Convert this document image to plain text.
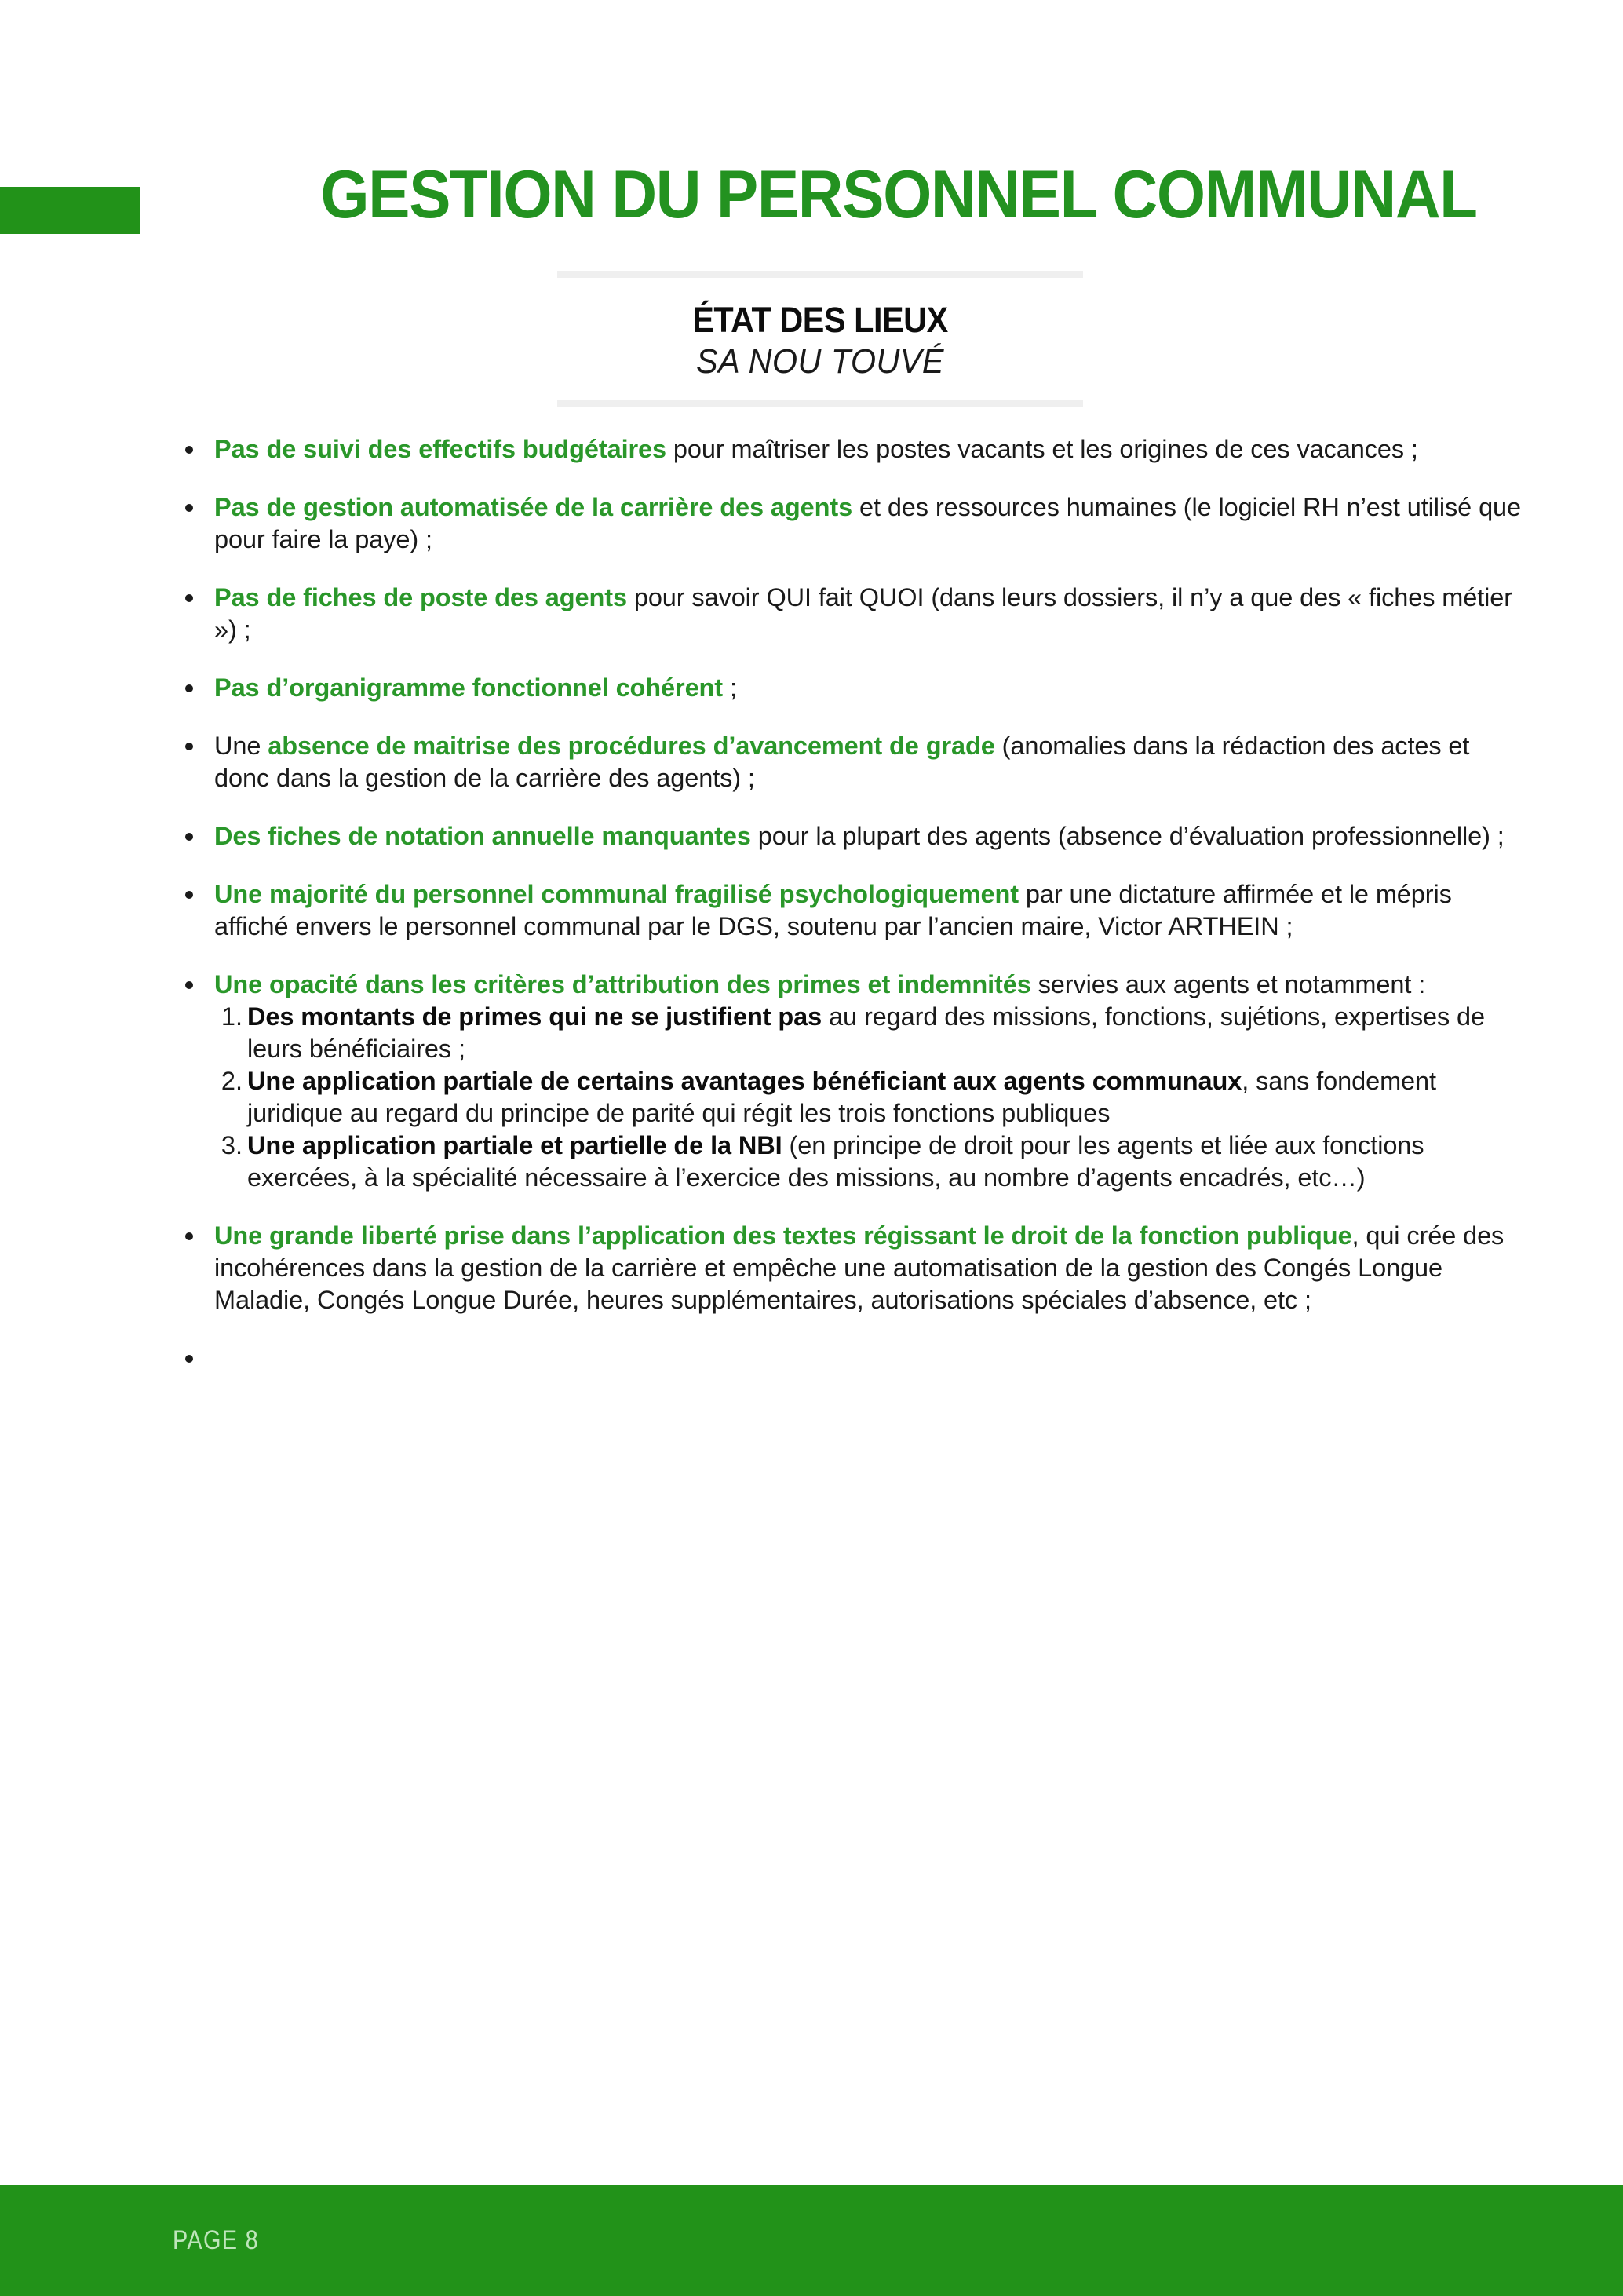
GESTION DU PERSONNEL COMMUNAL
ÉTAT DES LIEUX
SA NOU TOUVÉ
Pas de suivi des effectifs budgétaires pour maîtriser les postes vacants et les origines de ces vacances ;
Pas de gestion automatisée de la carrière des agents et des ressources humaines (le logiciel RH n’est utilisé que pour faire la paye) ;
Pas de fiches de poste des agents pour savoir QUI fait QUOI (dans leurs dossiers, il n’y a que des « fiches métier ») ;
Pas d’organigramme fonctionnel cohérent ;
Une absence de maitrise des procédures d’avancement de grade (anomalies dans la rédaction des actes et donc dans la gestion de la carrière des agents) ;
Des fiches de notation annuelle manquantes pour la plupart des agents (absence d’évaluation professionnelle) ;
Une majorité du personnel communal fragilisé psychologiquement par une dictature affirmée et le mépris affiché envers le personnel communal par le DGS, soutenu par l’ancien maire, Victor ARTHEIN ;
Une opacité dans les critères d’attribution des primes et indemnités servies aux agents et notamment :
1. Des montants de primes qui ne se justifient pas au regard des missions, fonctions, sujétions, expertises de leurs bénéficiaires ;
2. Une application partiale de certains avantages bénéficiant aux agents communaux, sans fondement juridique au regard du principe de parité qui régit les trois fonctions publiques
3. Une application partiale et partielle de la NBI (en principe de droit pour les agents et liée aux fonctions exercées, à la spécialité nécessaire à l’exercice des missions, au nombre d’agents encadrés, etc…)
Une grande liberté prise dans l’application des textes régissant le droit de la fonction publique, qui crée des incohérences dans la gestion de la carrière et empêche une automatisation de la gestion des Congés Longue Maladie, Congés Longue Durée, heures supplémentaires, autorisations spéciales d’absence, etc ;
PAGE 8
